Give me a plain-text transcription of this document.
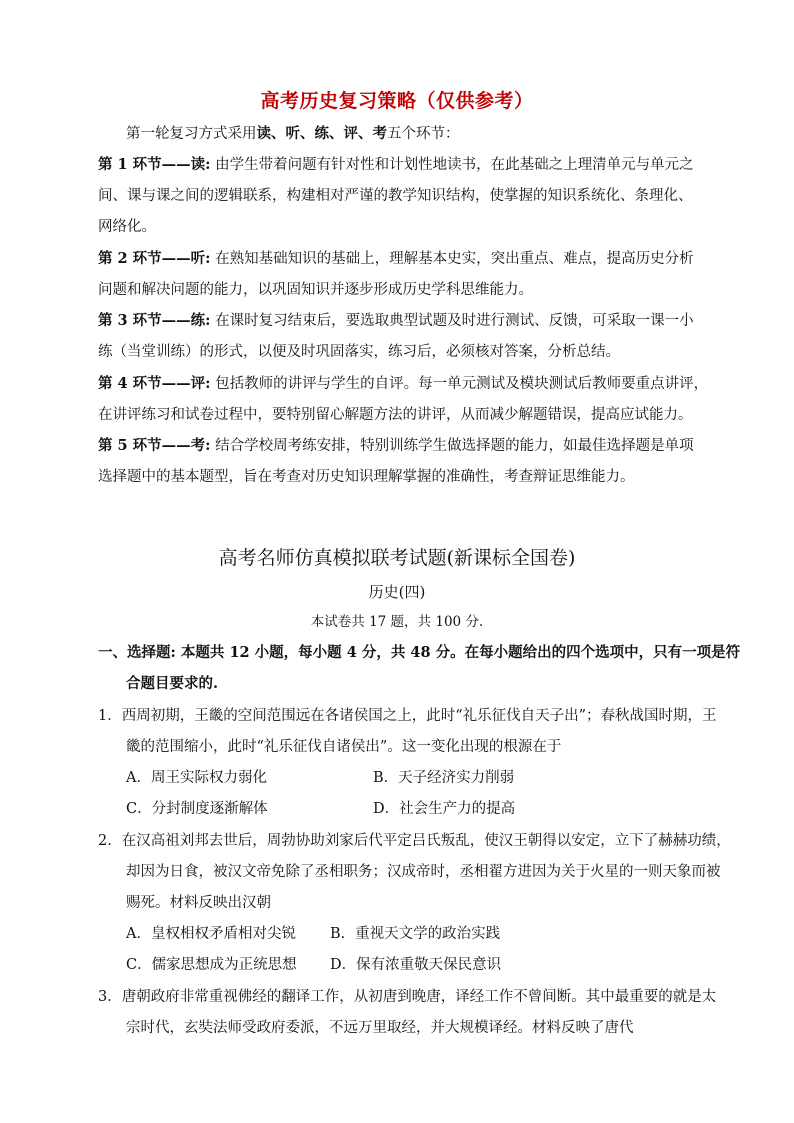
高考历史复习策略（仅供参考）
第一轮复习方式采用读、听、练、评、考五个环节：
第 1 环节——读: 由学生带着问题有针对性和计划性地读书，在此基础之上理清单元与单元之
间、课与课之间的逻辑联系，构建相对严谨的教学知识结构，使掌握的知识系统化、条理化、
网络化。
第 2 环节——听: 在熟知基础知识的基础上，理解基本史实，突出重点、难点，提高历史分析
问题和解决问题的能力，以巩固知识并逐步形成历史学科思维能力。
第 3 环节——练: 在课时复习结束后，要选取典型试题及时进行测试、反馈，可采取一课一小
练（当堂训练）的形式，以便及时巩固落实，练习后，必须核对答案，分析总结。
第 4 环节——评: 包括教师的讲评与学生的自评。每一单元测试及模块测试后教师要重点讲评，
在讲评练习和试卷过程中，要特别留心解题方法的讲评，从而减少解题错误，提高应试能力。
第 5 环节——考: 结合学校周考练安排，特别训练学生做选择题的能力，如最佳选择题是单项
选择题中的基本题型，旨在考查对历史知识理解掌握的准确性，考查辩证思维能力。
高考名师仿真模拟联考试题(新课标全国卷)
历史(四)
本试卷共 17 题，共 100 分.
一、选择题: 本题共 12 小题，每小题 4 分，共 48 分。在每小题给出的四个选项中，只有一项是符
合题目要求的.
1．西周初期，王畿的空间范围远在各诸侯国之上，此时“礼乐征伐自天子出”；春秋战国时期，王
畿的范围缩小，此时“礼乐征伐自诸侯出”。这一变化出现的根源在于
A．周王实际权力弱化	B．天子经济实力削弱
C．分封制度逐渐解体	D．社会生产力的提高
2．在汉高祖刘邦去世后，周勃协助刘家后代平定吕氏叛乱，使汉王朝得以安定，立下了赫赫功绩，
却因为日食，被汉文帝免除了丞相职务；汉成帝时，丞相翟方进因为关于火星的一则天象而被
赐死。材料反映出汉朝
A．皇权相权矛盾相对尖锐 B．重视天文学的政治实践
C．儒家思想成为正统思想 D．保有浓重敬天保民意识
3．唐朝政府非常重视佛经的翻译工作，从初唐到晚唐，译经工作不曾间断。其中最重要的就是太
宗时代，玄奘法师受政府委派，不远万里取经，并大规模译经。材料反映了唐代
